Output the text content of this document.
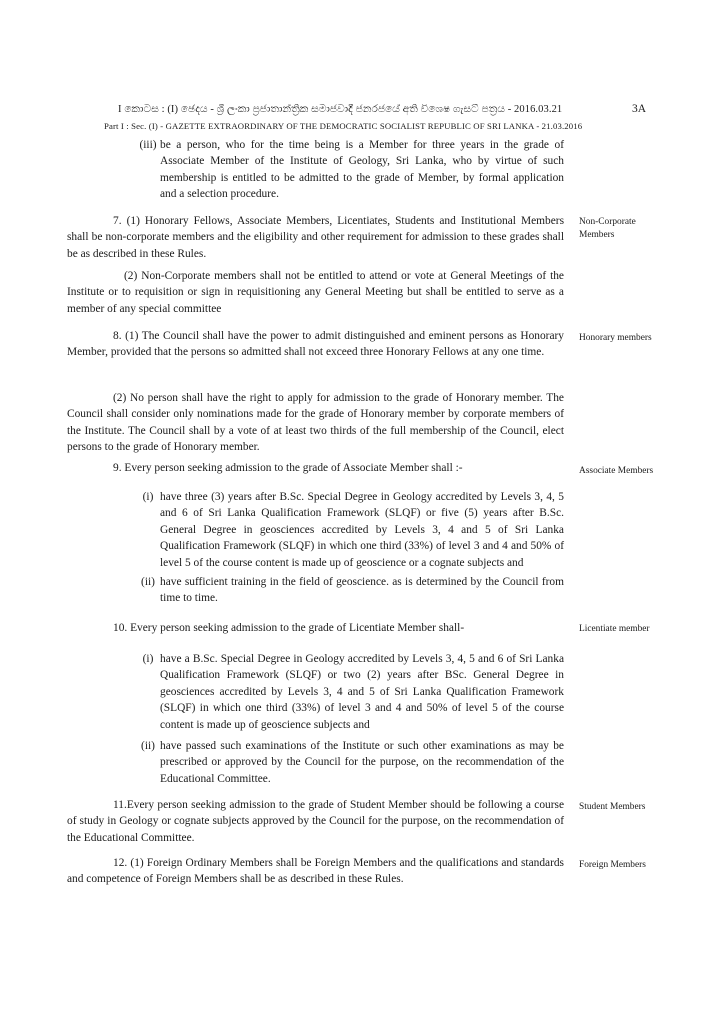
I කොටස : (I) ඡෙදය - ශ්‍රී ලංකා ප්‍රජාතාන්ත්‍රික සමාජවාදී ජනරජයේ අති විශෙෂ ගැසට් පත්‍රය - 2016.03.21	3A
Part I : Sec. (I) - GAZETTE EXTRAORDINARY OF THE DEMOCRATIC SOCIALIST REPUBLIC OF SRI LANKA - 21.03.2016
(iii) be a person, who for the time being is a Member for three years in the grade of Associate Member of the Institute of Geology, Sri Lanka, who by virtue of such membership is entitled to be admitted to the grade of Member, by formal application and a selection procedure.

7. (1) Honorary Fellows, Associate Members, Licentiates, Students and Institutional Members shall be non-corporate members and the eligibility and other requirement for admission to these grades shall be as described in these Rules.

Non-Corporate
Members

(2) Non-Corporate members shall not be entitled to attend or vote at General Meetings of the Institute or to requisition or sign in requisitioning any General Meeting but shall be entitled to serve as a member of any special committee

8. (1) The Council shall have the power to admit distinguished and eminent persons as Honorary Member, provided that the persons so admitted shall not exceed three Honorary Fellows at any one time.

Honorary members

(2) No person shall have the right to apply for admission to the grade of Honorary member. The Council shall consider only nominations made for the grade of Honorary member by corporate members of the Institute. The Council shall by a vote of at least two thirds of the full membership of the Council, elect persons to the grade of Honorary member.

9. Every person seeking admission to the grade of Associate Member shall :-	Associate Members
(i) have three (3) years after B.Sc. Special Degree in Geology accredited by Levels 3, 4, 5 and 6 of Sri Lanka Qualification Framework (SLQF) or five (5) years after B.Sc. General Degree in geosciences accredited by Levels 3, 4 and 5 of Sri Lanka Qualification Framework (SLQF) in which one third (33%) of level 3 and 4 and 50% of level 5 of the course content is made up of geoscience or a cognate subjects and
(ii) have sufficient training in the field of geoscience. as is determined by the Council from time to time.

10. Every person seeking admission to the grade of Licentiate Member shall-	Licentiate member
(i) have a B.Sc. Special Degree in Geology accredited by Levels 3, 4, 5 and 6 of Sri Lanka Qualification Framework (SLQF) or two (2) years after BSc. General Degree in geosciences accredited by Levels 3, 4 and 5 of Sri Lanka Qualification Framework (SLQF) in which one third (33%) of level 3 and 4 and 50% of level 5 of the course content is made up of geoscience subjects and
(ii) have passed such examinations of the Institute or such other examinations as may be prescribed or approved by the Council for the purpose, on the recommendation of the Educational Committee.

11.Every person seeking admission to the grade of Student Member should be following a course of study in Geology or cognate subjects approved by the Council for the purpose, on the recommendation of the Educational Committee.

Student Members

12. (1) Foreign Ordinary Members shall be Foreign Members and the qualifications and standards and competence of Foreign Members shall be as described in these Rules.

Foreign Members
